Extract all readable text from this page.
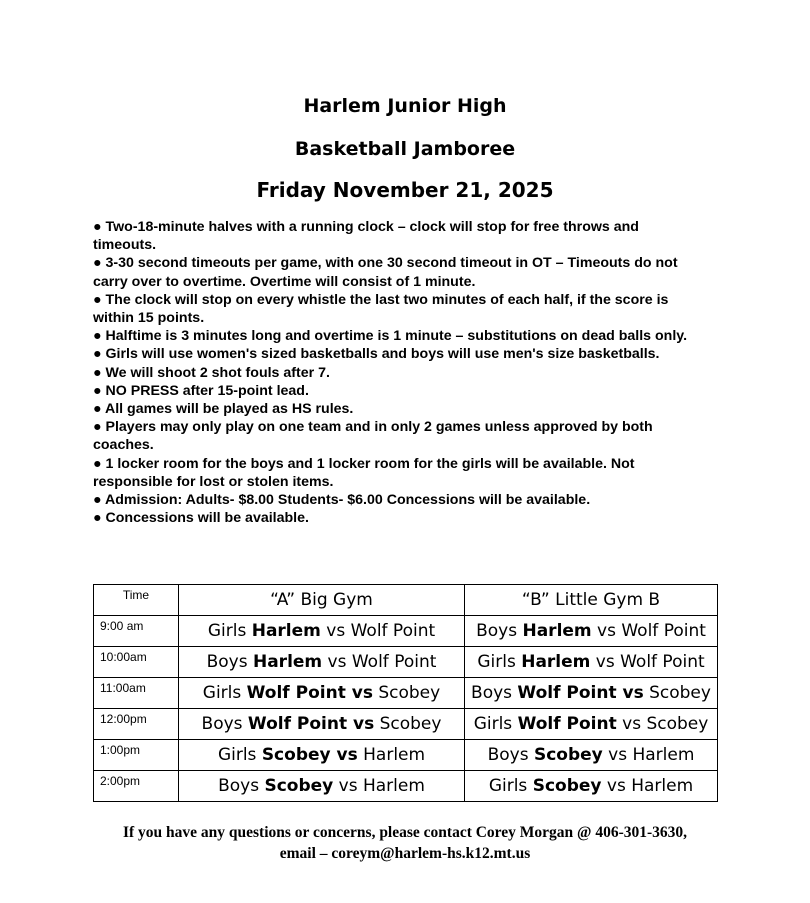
Harlem Junior High

Basketball Jamboree

Friday November 21, 2025

● Two-18-minute halves with a running clock – clock will stop for free throws and timeouts.
● 3-30 second timeouts per game, with one 30 second timeout in OT – Timeouts do not carry over to overtime. Overtime will consist of 1 minute.
● The clock will stop on every whistle the last two minutes of each half, if the score is within 15 points.
● Halftime is 3 minutes long and overtime is 1 minute – substitutions on dead balls only.
● Girls will use women's sized basketballs and boys will use men's size basketballs.
● We will shoot 2 shot fouls after 7.
● NO PRESS after 15-point lead.
● All games will be played as HS rules.
● Players may only play on one team and in only 2 games unless approved by both coaches.
● 1 locker room for the boys and 1 locker room for the girls will be available. Not responsible for lost or stolen items.
● Admission: Adults- $8.00 Students- $6.00 Concessions will be available.
● Concessions will be available.
Time	“A” Big Gym	“B” Little Gym B
9:00 am	Girls Harlem vs Wolf Point	Boys Harlem vs Wolf Point
10:00am	Boys Harlem vs Wolf Point	Girls Harlem vs Wolf Point
11:00am	Girls Wolf Point vs Scobey	Boys Wolf Point vs Scobey
12:00pm	Boys Wolf Point vs Scobey	Girls Wolf Point vs Scobey
1:00pm	Girls Scobey vs Harlem	Boys Scobey vs Harlem
2:00pm	Boys Scobey vs Harlem	Girls Scobey vs Harlem

If you have any questions or concerns, please contact Corey Morgan @ 406-301-3630,

email – coreym@harlem-hs.k12.mt.us
